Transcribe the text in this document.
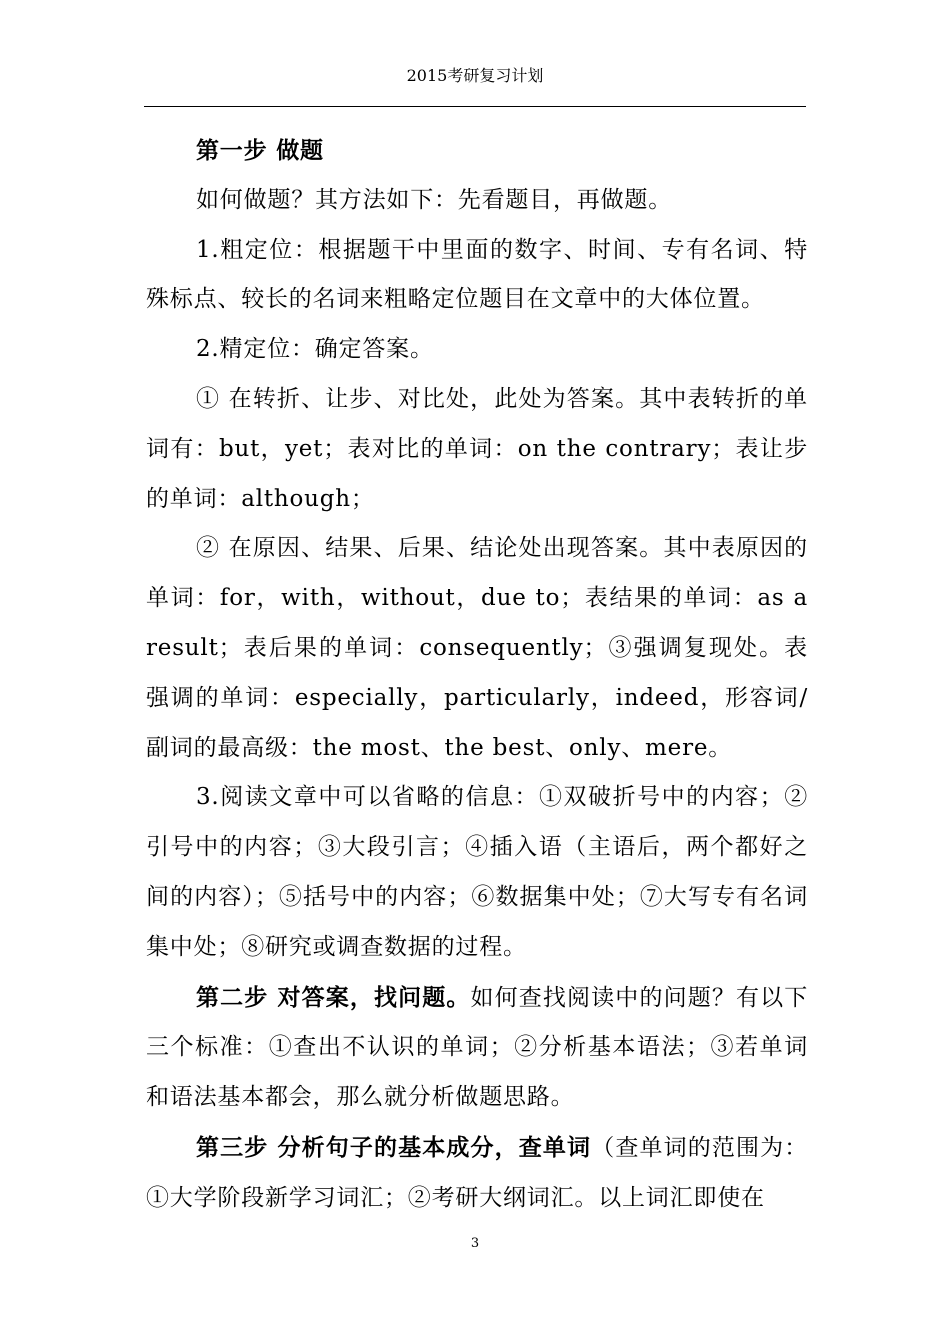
2015考研复习计划

第一步 做题

如何做题？其方法如下：先看题目，再做题。

1.粗定位：根据题干中里面的数字、时间、专有名词、特殊标点、较长的名词来粗略定位题目在文章中的大体位置。

2.精定位：确定答案。

① 在转折、让步、对比处，此处为答案。其中表转折的单词有：but，yet；表对比的单词：on the contrary；表让步的单词：although；

② 在原因、结果、后果、结论处出现答案。其中表原因的单词：for，with，without，due to；表结果的单词：as a result；表后果的单词：consequently；③强调复现处。表强调的单词：especially，particularly，indeed，形容词/副词的最高级：the most、the best、only、mere。

3.阅读文章中可以省略的信息：①双破折号中的内容；②引号中的内容；③大段引言；④插入语（主语后，两个都好之间的内容）；⑤括号中的内容；⑥数据集中处；⑦大写专有名词集中处；⑧研究或调查数据的过程。

第二步 对答案，找问题。如何查找阅读中的问题？有以下三个标准：①查出不认识的单词；②分析基本语法；③若单词和语法基本都会，那么就分析做题思路。

第三步 分析句子的基本成分，查单词（查单词的范围为：①大学阶段新学习词汇；②考研大纲词汇。以上词汇即使在

3
